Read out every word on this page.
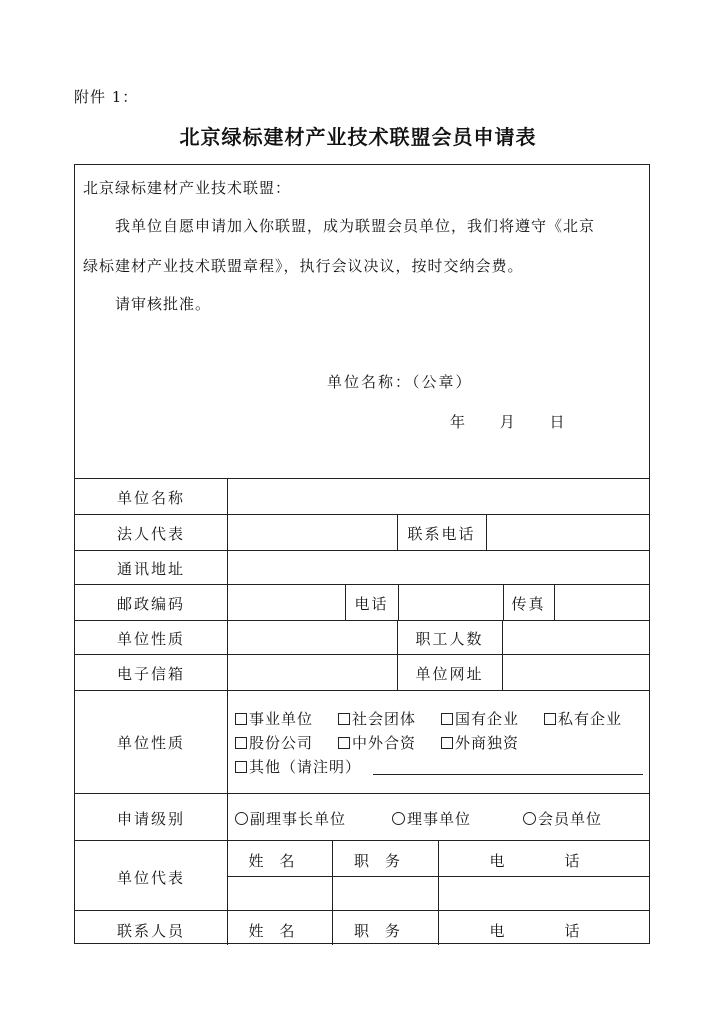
附件 1：
北京绿标建材产业技术联盟会员申请表
北京绿标建材产业技术联盟：
我单位自愿申请加入你联盟，成为联盟会员单位，我们将遵守《北京
绿标建材产业技术联盟章程》，执行会议决议，按时交纳会费。
请审核批准。
单位名称：（公章）
年 月 日
单位名称
法人代表	联系电话
通讯地址
邮政编码	电话	传真
单位性质	职工人数
电子信箱	单位网址
单位性质
事业单位	社会团体	国有企业	私有企业
股份公司	中外合资	外商独资
其他（请注明）
申请级别	副理事长单位	理事单位	会员单位
单位代表
姓名	职务	电话
联系人员	姓名	职务	电话
